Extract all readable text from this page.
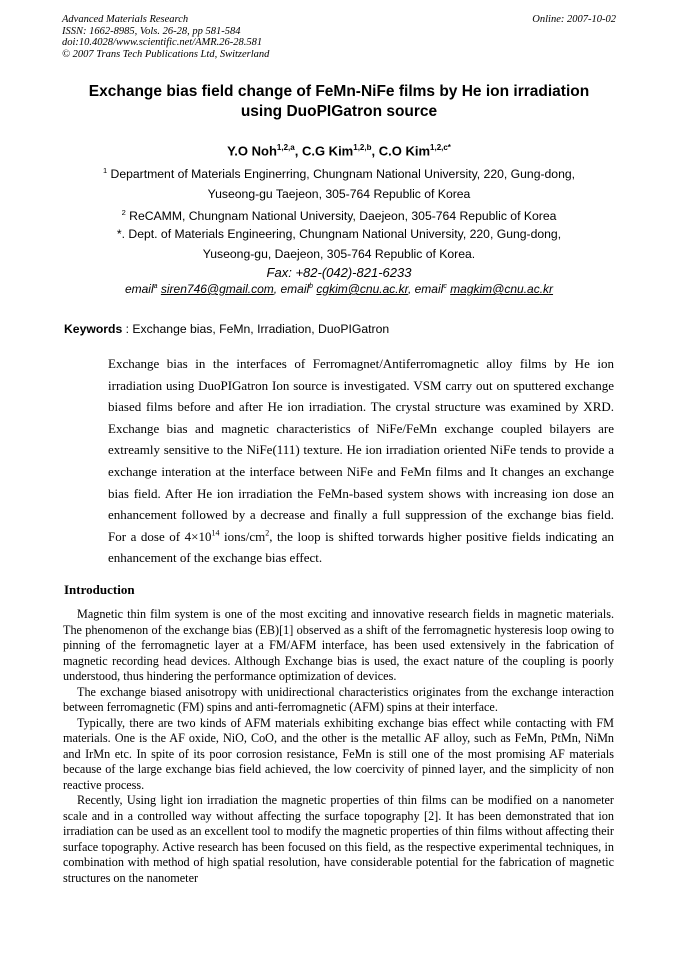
Advanced Materials Research
ISSN: 1662-8985, Vols. 26-28, pp 581-584
doi:10.4028/www.scientific.net/AMR.26-28.581
© 2007 Trans Tech Publications Ltd, Switzerland
Online: 2007-10-02
Exchange bias field change of FeMn-NiFe films by He ion irradiation
using DuoPIGatron source
Y.O Noh$^{1,2,a}$, C.G Kim$^{1,2,b}$, C.O Kim$^{1,2,c*}$
$^1$ Department of Materials Enginerring, Chungnam National University, 220, Gung-dong,
Yuseong-gu Taejeon, 305-764 Republic of Korea
$^2$ ReCAMM, Chungnam National University, Daejeon, 305-764 Republic of Korea
*. Dept. of Materials Engineering, Chungnam National University, 220, Gung-dong,
Yuseong-gu, Daejeon, 305-764 Republic of Korea.
Fax: +82-(042)-821-6233
email$^a$ siren746@gmail.com, email$^b$ cgkim@cnu.ac.kr, email$^c$ magkim@cnu.ac.kr
Keywords : Exchange bias, FeMn, Irradiation, DuoPIGatron
Exchange bias in the interfaces of Ferromagnet/Antiferromagnetic alloy films by He ion irradiation using DuoPIGatron Ion source is investigated. VSM carry out on sputtered exchange biased films before and after He ion irradiation. The crystal structure was examined by XRD. Exchange bias and magnetic characteristics of NiFe/FeMn exchange coupled bilayers are extreamly sensitive to the NiFe(111) texture. He ion irradiation oriented NiFe tends to provide a exchange interation at the interface between NiFe and FeMn films and It changes an exchange bias field. After He ion irradiation the FeMn-based system shows with increasing ion dose an enhancement followed by a decrease and finally a full suppression of the exchange bias field. For a dose of $4\times 10^{14}$ ions/$cm^2$, the loop is shifted torwards higher positive fields indicating an enhancement of the exchange bias effect.
Introduction

Magnetic thin film system is one of the most exciting and innovative research fields in magnetic materials. The phenomenon of the exchange bias (EB)[1] observed as a shift of the ferromagnetic hysteresis loop owing to pinning of the ferromagnetic layer at a FM/AFM interface, has been used extensively in the fabrication of magnetic recording head devices. Although Exchange bias is used, the exact nature of the coupling is poorly understood, thus hindering the performance optimization of devices.

The exchange biased anisotropy with unidirectional characteristics originates from the exchange interaction between ferromagnetic (FM) spins and anti-ferromagnetic (AFM) spins at their interface.

Typically, there are two kinds of AFM materials exhibiting exchange bias effect while contacting with FM materials. One is the AF oxide, NiO, CoO, and the other is the metallic AF alloy, such as FeMn, PtMn, NiMn and IrMn etc. In spite of its poor corrosion resistance, FeMn is still one of the most promising AF materials because of the large exchange bias field achieved, the low coercivity of pinned layer, and the simplicity of non reactive process.

Recently, Using light ion irradiation the magnetic properties of thin films can be modified on a nanometer scale and in a controlled way without affecting the surface topography [2]. It has been demonstrated that ion irradiation can be used as an excellent tool to modify the magnetic properties of thin films without affecting their surface topography. Active research has been focused on this field, as the respective experimental techniques, in combination with method of high spatial resolution, have considerable potential for the fabrication of magnetic structures on the nanometer
